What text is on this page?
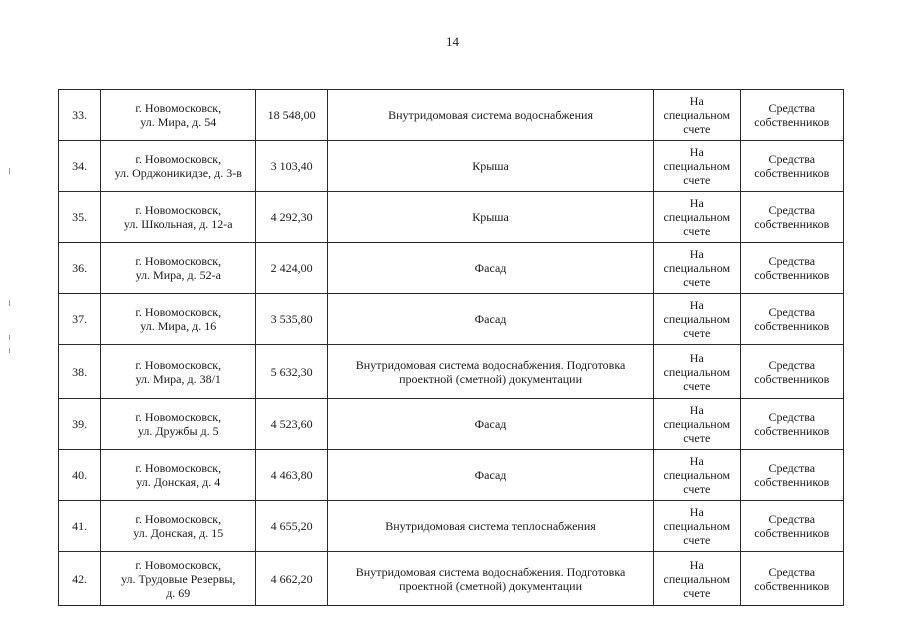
14
33.	г. Новомосковск,
ул. Мира, д. 54	18 548,00	Внутридомовая система водоснабжения	На
специальном
счете	Средства
собственников

34.	г. Новомосковск,
ул. Орджоникидзе, д. 3-в	3 103,40	Крыша	На
специальном
счете	Средства
собственников

35.	г. Новомосковск,
ул. Школьная, д. 12-а	4 292,30	Крыша	На
специальном
счете	Средства
собственников

36.	г. Новомосковск,
ул. Мира, д. 52-а	2 424,00	Фасад	На
специальном
счете	Средства
собственников

37.	г. Новомосковск,
ул. Мира, д. 16	3 535,80	Фасад	На
специальном
счете	Средства
собственников

38.	г. Новомосковск,
ул. Мира, д. 38/1	5 632,30	Внутридомовая система водоснабжения. Подготовка
проектной (сметной) документации	На
специальном
счете	Средства
собственников

39.	г. Новомосковск,
ул. Дружбы д. 5	4 523,60	Фасад	На
специальном
счете	Средства
собственников

40.	г. Новомосковск,
ул. Донская, д. 4	4 463,80	Фасад	На
специальном
счете	Средства
собственников

41.	г. Новомосковск,
ул. Донская, д. 15	4 655,20	Внутридомовая система теплоснабжения	На
специальном
счете	Средства
собственников

42.	г. Новомосковск,
ул. Трудовые Резервы,
д. 69	4 662,20	Внутридомовая система водоснабжения. Подготовка
проектной (сметной) документации	На
специальном
счете	Средства
собственников
